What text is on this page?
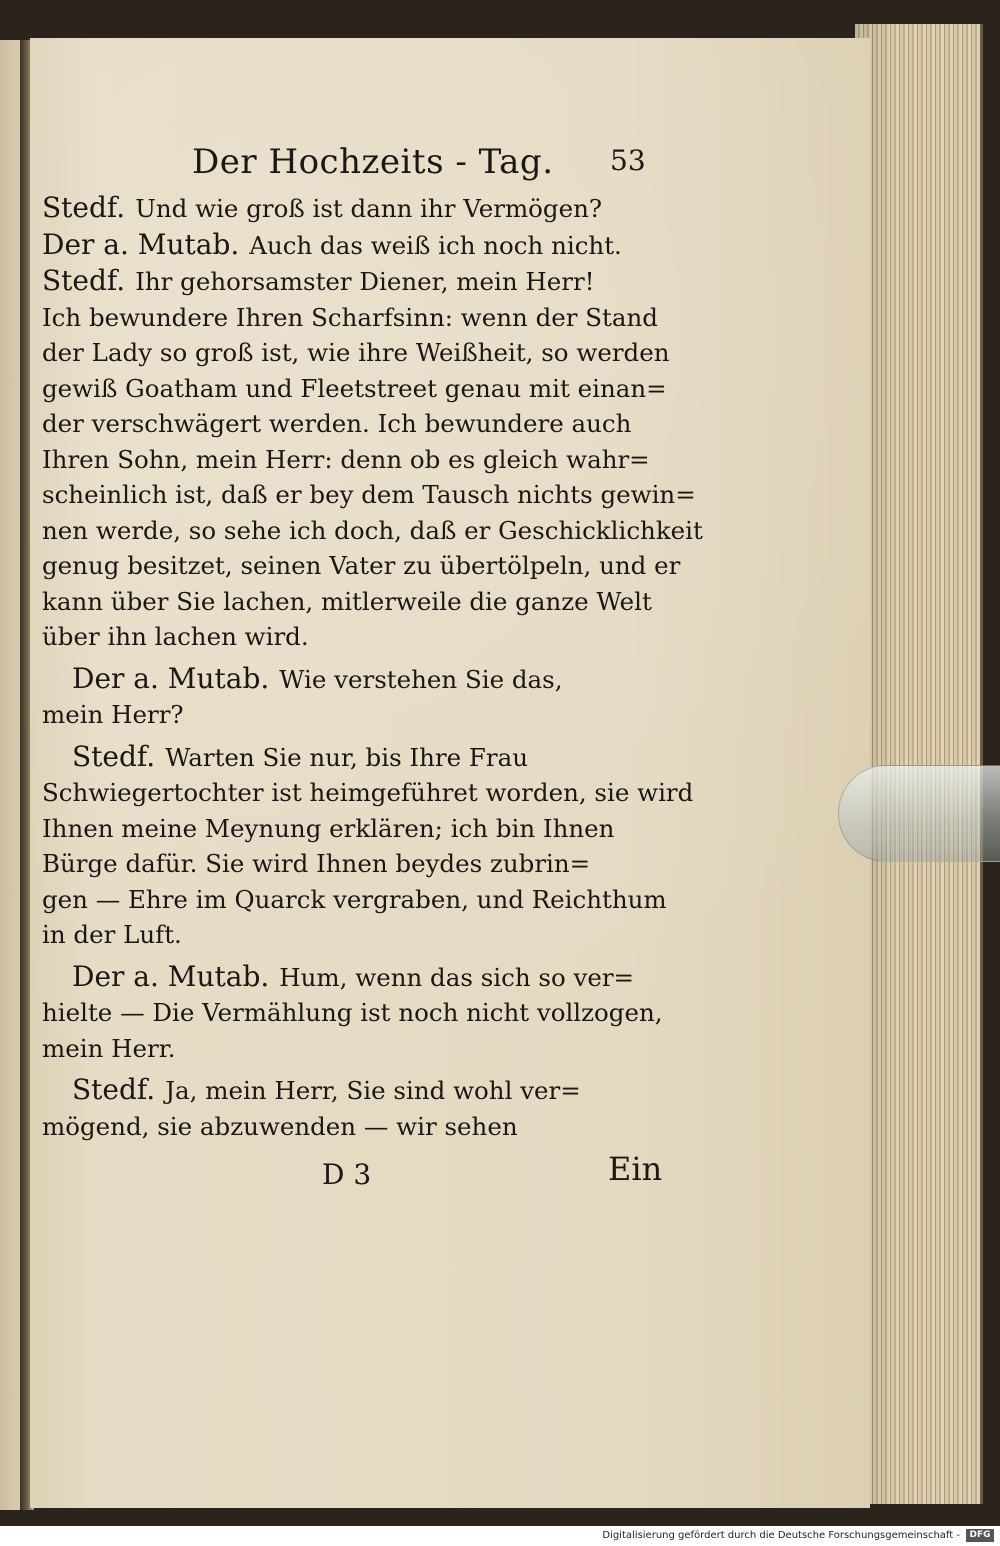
Der Hochzeits - Tag. 53
Stedf. Und wie groß ist dann ihr Vermögen?
Der a. Mutab. Auch das weiß ich noch nicht.
Stedf. Ihr gehorsamster Diener, mein Herr!
Ich bewundere Ihren Scharfsinn: wenn der Stand
der Lady so groß ist, wie ihre Weißheit, so werden
gewiß Goatham und Fleetstreet genau mit einan=
der verschwägert werden. Ich bewundere auch
Ihren Sohn, mein Herr: denn ob es gleich wahr=
scheinlich ist, daß er bey dem Tausch nichts gewin=
nen werde, so sehe ich doch, daß er Geschicklichkeit
genug besitzet, seinen Vater zu übertölpeln, und er
kann über Sie lachen, mitlerweile die ganze Welt
über ihn lachen wird.
Der a. Mutab. Wie verstehen Sie das,
mein Herr?
Stedf. Warten Sie nur, bis Ihre Frau
Schwiegertochter ist heimgeführet worden, sie wird
Ihnen meine Meynung erklären; ich bin Ihnen
Bürge dafür. Sie wird Ihnen beydes zubrin=
gen — Ehre im Quarck vergraben, und Reichthum
in der Luft.
Der a. Mutab. Hum, wenn das sich so ver=
hielte — Die Vermählung ist noch nicht vollzogen,
mein Herr.
Stedf. Ja, mein Herr, Sie sind wohl ver=
mögend, sie abzuwenden — wir sehen
D 3	Ein
Digitalisierung gefördert durch die Deutsche Forschungsgemeinschaft -	DFG
